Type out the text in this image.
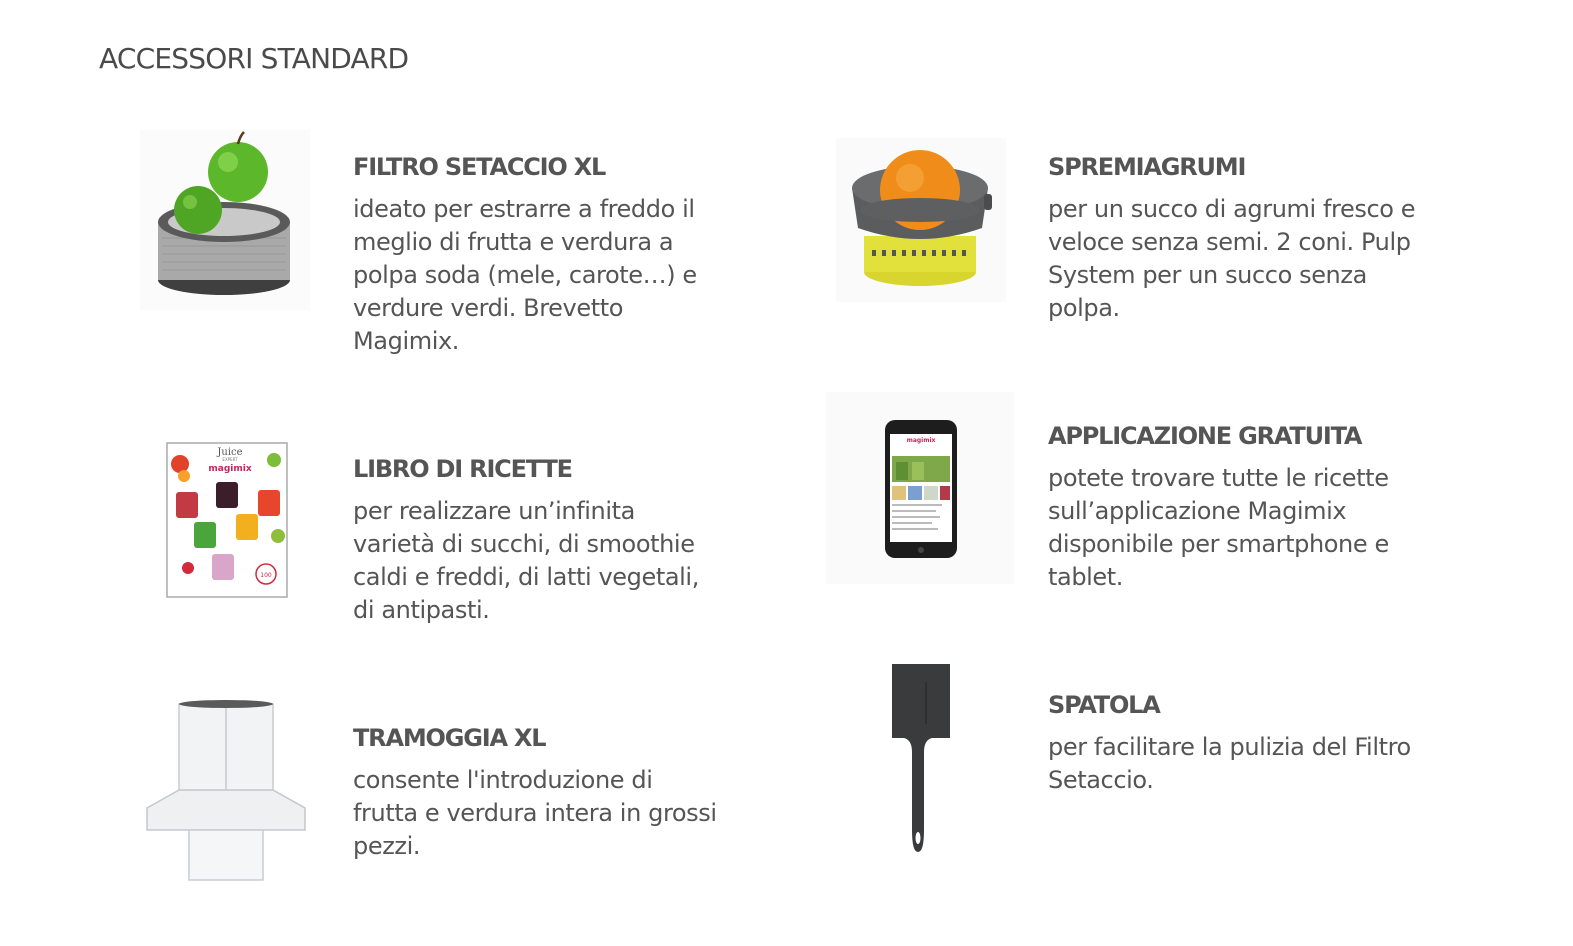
ACCESSORI STANDARD
FILTRO SETACCIO XL

ideato per estrarre a freddo il meglio di frutta e verdura a polpa soda (mele, carote…) e verdure verdi. Brevetto Magimix.

SPREMIAGRUMI

per un succo di agrumi fresco e veloce senza semi. 2 coni. Pulp System per un succo senza polpa.

Juice
EXPERT
magimix
100
LIBRO DI RICETTE

per realizzare un’infinita varietà di succhi, di smoothie caldi e freddi, di latti vegetali, di antipasti.

magimix	APPLICAZIONE GRATUITA

potete trovare tutte le ricette sull’applicazione Magimix disponibile per smartphone e tablet.

TRAMOGGIA XL

consente l'introduzione di frutta e verdura intera in grossi pezzi.

SPATOLA

per facilitare la pulizia del Filtro Setaccio.
